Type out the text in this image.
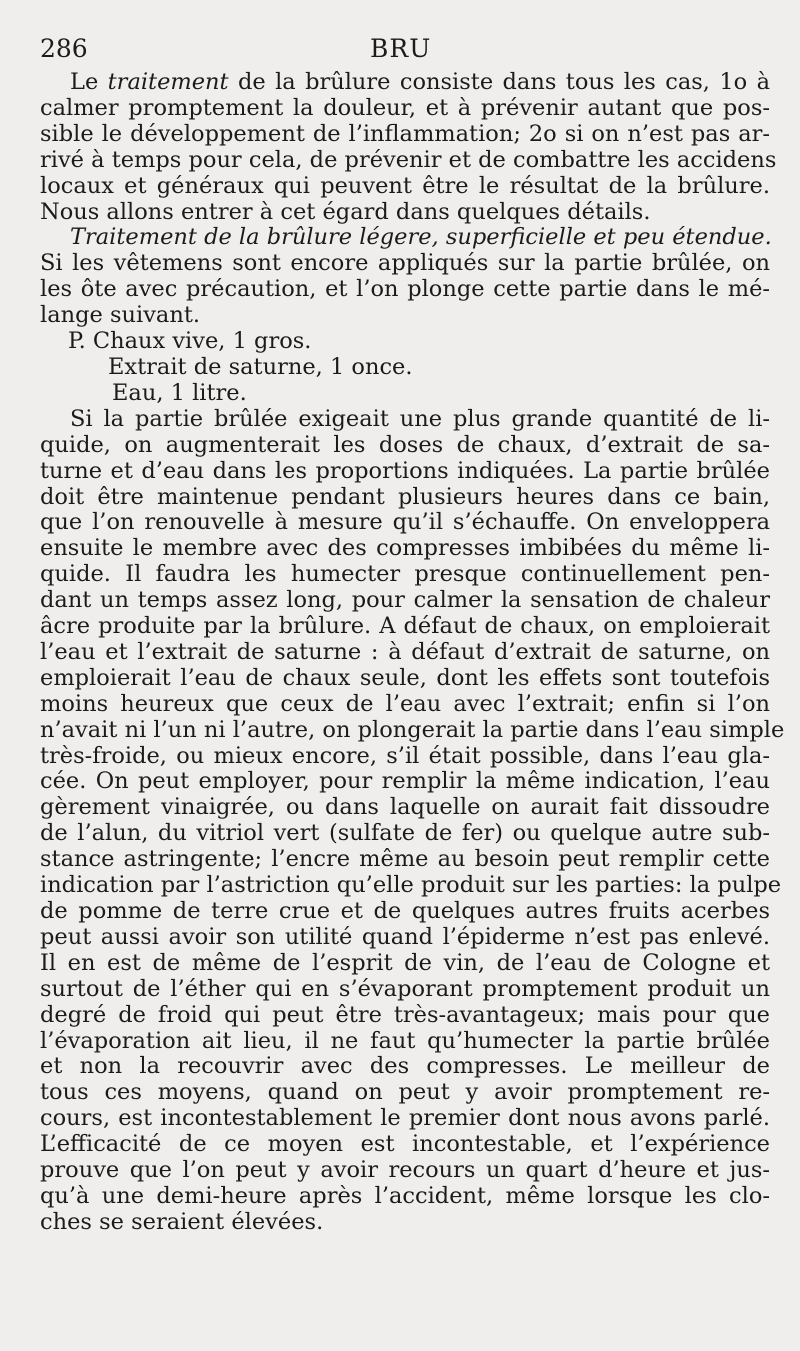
286	BRU
Le traitement de la brûlure consiste dans tous les cas, 1o à
calmer promptement la douleur, et à prévenir autant que pos-
sible le développement de l’inflammation; 2o si on n’est pas ar-
rivé à temps pour cela, de prévenir et de combattre les accidens
locaux et généraux qui peuvent être le résultat de la brûlure.
Nous allons entrer à cet égard dans quelques détails.
Traitement de la brûlure légere, superficielle et peu étendue.
Si les vêtemens sont encore appliqués sur la partie brûlée, on
les ôte avec précaution, et l’on plonge cette partie dans le mé-
lange suivant.
P. Chaux vive, 1 gros.
Extrait de saturne, 1 once.
Eau, 1 litre.
Si la partie brûlée exigeait une plus grande quantité de li-
quide, on augmenterait les doses de chaux, d’extrait de sa-
turne et d’eau dans les proportions indiquées. La partie brûlée
doit être maintenue pendant plusieurs heures dans ce bain,
que l’on renouvelle à mesure qu’il s’échauffe. On enveloppera
ensuite le membre avec des compresses imbibées du même li-
quide. Il faudra les humecter presque continuellement pen-
dant un temps assez long, pour calmer la sensation de chaleur
âcre produite par la brûlure. A défaut de chaux, on emploierait
l’eau et l’extrait de saturne : à défaut d’extrait de saturne, on
emploierait l’eau de chaux seule, dont les effets sont toutefois
moins heureux que ceux de l’eau avec l’extrait; enfin si l’on
n’avait ni l’un ni l’autre, on plongerait la partie dans l’eau simple
très-froide, ou mieux encore, s’il était possible, dans l’eau gla-
cée. On peut employer, pour remplir la même indication, l’eau
gèrement vinaigrée, ou dans laquelle on aurait fait dissoudre
de l’alun, du vitriol vert (sulfate de fer) ou quelque autre sub-
stance astringente; l’encre même au besoin peut remplir cette
indication par l’astriction qu’elle produit sur les parties: la pulpe
de pomme de terre crue et de quelques autres fruits acerbes
peut aussi avoir son utilité quand l’épiderme n’est pas enlevé.
Il en est de même de l’esprit de vin, de l’eau de Cologne et
surtout de l’éther qui en s’évaporant promptement produit un
degré de froid qui peut être très-avantageux; mais pour que
l’évaporation ait lieu, il ne faut qu’humecter la partie brûlée
et non la recouvrir avec des compresses. Le meilleur de
tous ces moyens, quand on peut y avoir promptement re-
cours, est incontestablement le premier dont nous avons parlé.
L’efficacité de ce moyen est incontestable, et l’expérience
prouve que l’on peut y avoir recours un quart d’heure et jus-
qu’à une demi-heure après l’accident, même lorsque les clo-
ches se seraient élevées.
